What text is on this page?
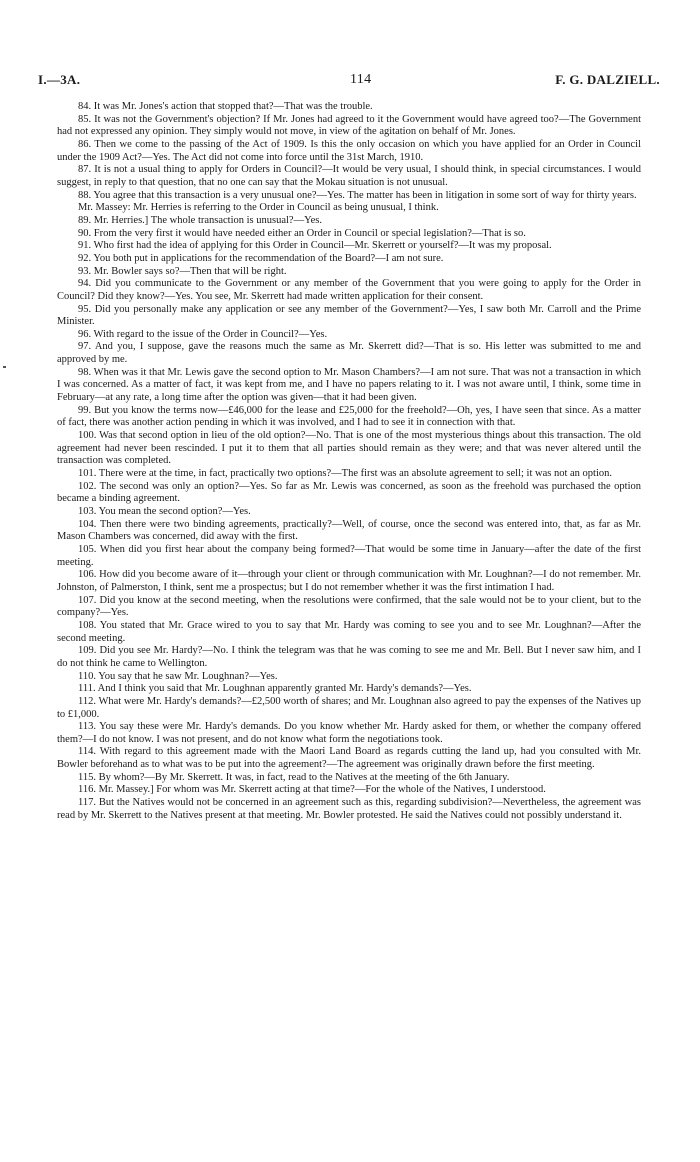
I.—3A.	114	F. G. DALZIELL.

84. It was Mr. Jones's action that stopped that?—That was the trouble.

85. It was not the Government's objection? If Mr. Jones had agreed to it the Government would have agreed too?—The Government had not expressed any opinion. They simply would not move, in view of the agitation on behalf of Mr. Jones.

86. Then we come to the passing of the Act of 1909. Is this the only occasion on which you have applied for an Order in Council under the 1909 Act?—Yes. The Act did not come into force until the 31st March, 1910.

87. It is not a usual thing to apply for Orders in Council?—It would be very usual, I should think, in special circumstances. I would suggest, in reply to that question, that no one can say that the Mokau situation is not unusual.

88. You agree that this transaction is a very unusual one?—Yes. The matter has been in litigation in some sort of way for thirty years.

Mr. Massey: Mr. Herries is referring to the Order in Council as being unusual, I think.

89. Mr. Herries.] The whole transaction is unusual?—Yes.

90. From the very first it would have needed either an Order in Council or special legislation?—That is so.

91. Who first had the idea of applying for this Order in Council—Mr. Skerrett or yourself?—It was my proposal.

92. You both put in applications for the recommendation of the Board?—I am not sure.

93. Mr. Bowler says so?—Then that will be right.

94. Did you communicate to the Government or any member of the Government that you were going to apply for the Order in Council? Did they know?—Yes. You see, Mr. Skerrett had made written application for their consent.

95. Did you personally make any application or see any member of the Government?—Yes, I saw both Mr. Carroll and the Prime Minister.

96. With regard to the issue of the Order in Council?—Yes.

97. And you, I suppose, gave the reasons much the same as Mr. Skerrett did?—That is so. His letter was submitted to me and approved by me.

98. When was it that Mr. Lewis gave the second option to Mr. Mason Chambers?—I am not sure. That was not a transaction in which I was concerned. As a matter of fact, it was kept from me, and I have no papers relating to it. I was not aware until, I think, some time in February—at any rate, a long time after the option was given—that it had been given.

99. But you know the terms now—£46,000 for the lease and £25,000 for the freehold?—Oh, yes, I have seen that since. As a matter of fact, there was another action pending in which it was involved, and I had to see it in connection with that.

100. Was that second option in lieu of the old option?—No. That is one of the most mysterious things about this transaction. The old agreement had never been rescinded. I put it to them that all parties should remain as they were; and that was never altered until the transaction was completed.

101. There were at the time, in fact, practically two options?—The first was an absolute agreement to sell; it was not an option.

102. The second was only an option?—Yes. So far as Mr. Lewis was concerned, as soon as the freehold was purchased the option became a binding agreement.

103. You mean the second option?—Yes.

104. Then there were two binding agreements, practically?—Well, of course, once the second was entered into, that, as far as Mr. Mason Chambers was concerned, did away with the first.

105. When did you first hear about the company being formed?—That would be some time in January—after the date of the first meeting.

106. How did you become aware of it—through your client or through communication with Mr. Loughnan?—I do not remember. Mr. Johnston, of Palmerston, I think, sent me a prospectus; but I do not remember whether it was the first intimation I had.

107. Did you know at the second meeting, when the resolutions were confirmed, that the sale would not be to your client, but to the company?—Yes.

108. You stated that Mr. Grace wired to you to say that Mr. Hardy was coming to see you and to see Mr. Loughnan?—After the second meeting.

109. Did you see Mr. Hardy?—No. I think the telegram was that he was coming to see me and Mr. Bell. But I never saw him, and I do not think he came to Wellington.

110. You say that he saw Mr. Loughnan?—Yes.

111. And I think you said that Mr. Loughnan apparently granted Mr. Hardy's demands?—Yes.

112. What were Mr. Hardy's demands?—£2,500 worth of shares; and Mr. Loughnan also agreed to pay the expenses of the Natives up to £1,000.

113. You say these were Mr. Hardy's demands. Do you know whether Mr. Hardy asked for them, or whether the company offered them?—I do not know. I was not present, and do not know what form the negotiations took.

114. With regard to this agreement made with the Maori Land Board as regards cutting the land up, had you consulted with Mr. Bowler beforehand as to what was to be put into the agreement?—The agreement was originally drawn before the first meeting.

115. By whom?—By Mr. Skerrett. It was, in fact, read to the Natives at the meeting of the 6th January.

116. Mr. Massey.] For whom was Mr. Skerrett acting at that time?—For the whole of the Natives, I understood.

117. But the Natives would not be concerned in an agreement such as this, regarding subdivision?—Nevertheless, the agreement was read by Mr. Skerrett to the Natives present at that meeting. Mr. Bowler protested. He said the Natives could not possibly understand it.
